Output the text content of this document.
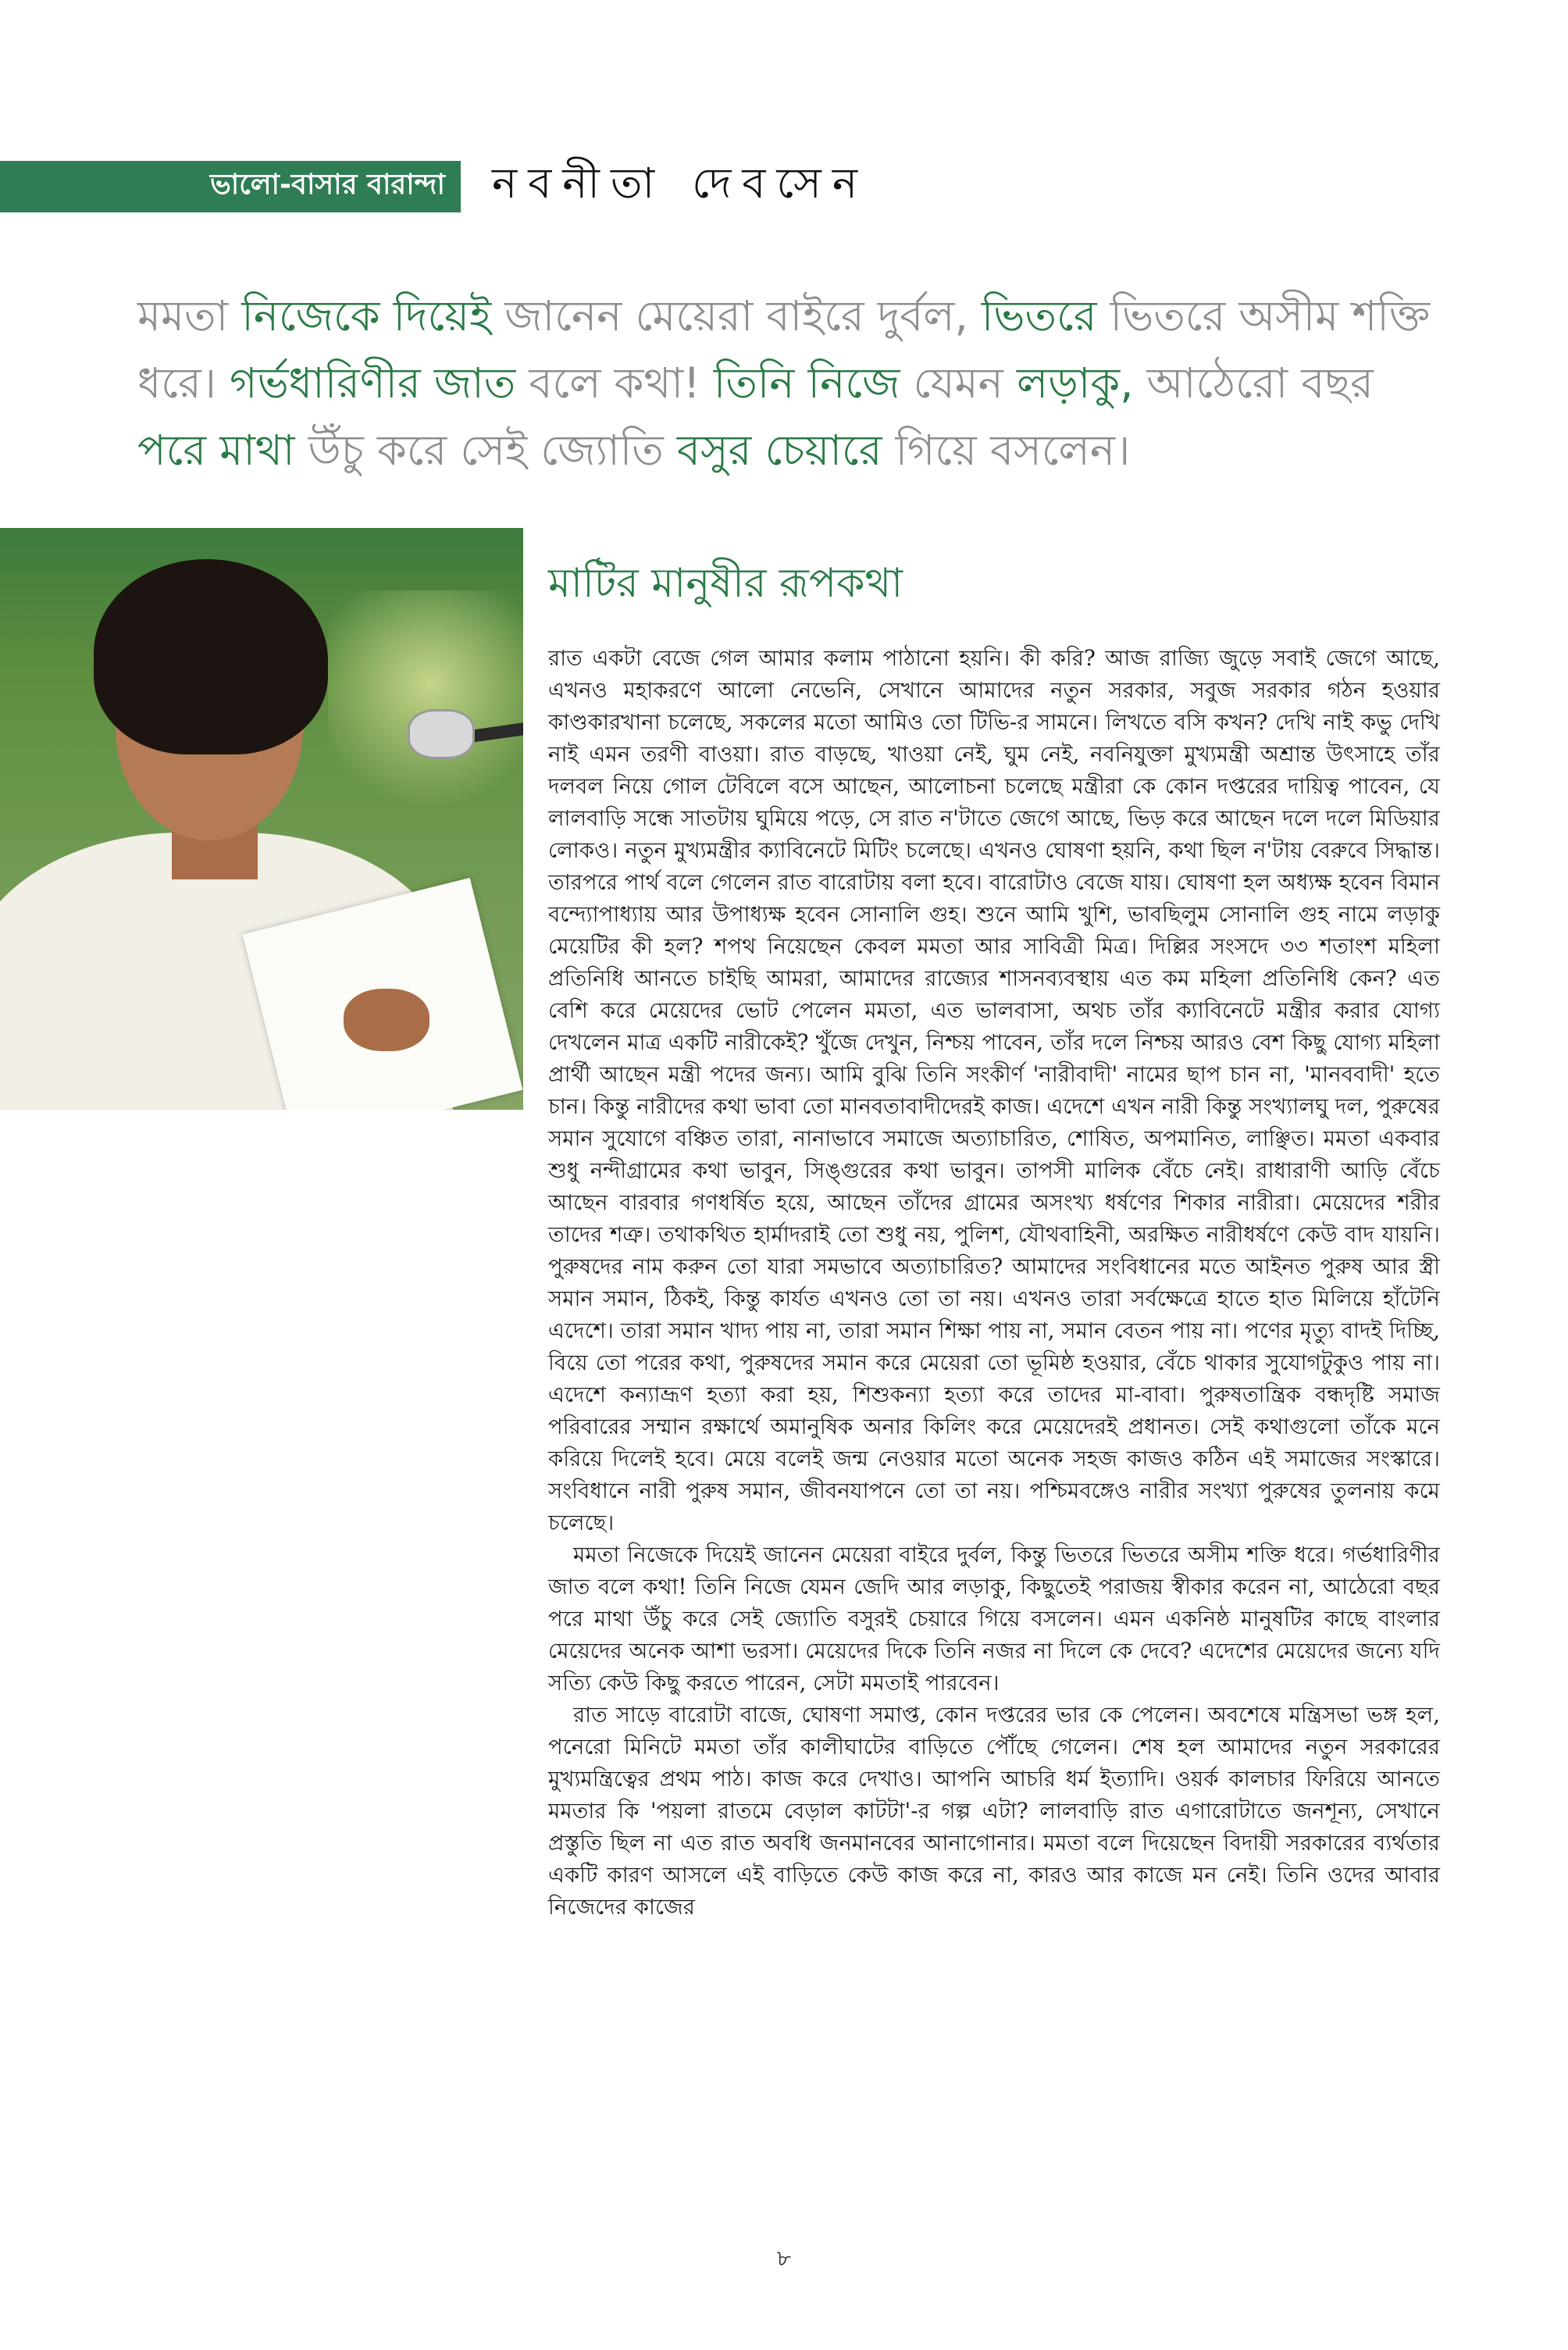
ভালো-বাসার বারান্দা নবনীতা দেবসেন
মমতা নিজেকে দিয়েই জানেন মেয়েরা বাইরে দুর্বল, ভিতরে ভিতরে অসীম শক্তি ধরে। গর্ভধারিণীর জাত বলে কথা! তিনি নিজে যেমন লড়াকু, আঠেরো বছর পরে মাথা উঁচু করে সেই জ্যোতি বসুর চেয়ারে গিয়ে বসলেন।
মাটির মানুষীর রূপকথা

রাত একটা বেজে গেল আমার কলাম পাঠানো হয়নি। কী করি? আজ রাজ্যি জুড়ে সবাই জেগে আছে, এখনও মহাকরণে আলো নেভেনি, সেখানে আমাদের নতুন সরকার, সবুজ সরকার গঠন হওয়ার কাণ্ডকারখানা চলেছে, সকলের মতো আমিও তো টিভি-র সামনে। লিখতে বসি কখন? দেখি নাই কভু দেখি নাই এমন তরণী বাওয়া। রাত বাড়ছে, খাওয়া নেই, ঘুম নেই, নবনিযুক্তা মুখ্যমন্ত্রী অশ্রান্ত উৎসাহে তাঁর দলবল নিয়ে গোল টেবিলে বসে আছেন, আলোচনা চলেছে মন্ত্রীরা কে কোন দপ্তরের দায়িত্ব পাবেন, যে লালবাড়ি সন্ধে সাতটায় ঘুমিয়ে পড়ে, সে রাত ন'টাতে জেগে আছে, ভিড় করে আছেন দলে দলে মিডিয়ার লোকও। নতুন মুখ্যমন্ত্রীর ক্যাবিনেটে মিটিং চলেছে। এখনও ঘোষণা হয়নি, কথা ছিল ন'টায় বেরুবে সিদ্ধান্ত। তারপরে পার্থ বলে গেলেন রাত বারোটায় বলা হবে। বারোটাও বেজে যায়। ঘোষণা হল অধ্যক্ষ হবেন বিমান বন্দ্যোপাধ্যায় আর উপাধ্যক্ষ হবেন সোনালি গুহ। শুনে আমি খুশি, ভাবছিলুম সোনালি গুহ নামে লড়াকু মেয়েটির কী হল? শপথ নিয়েছেন কেবল মমতা আর সাবিত্রী মিত্র। দিল্লির সংসদে ৩৩ শতাংশ মহিলা প্রতিনিধি আনতে চাইছি আমরা, আমাদের রাজ্যের শাসনব্যবস্থায় এত কম মহিলা প্রতিনিধি কেন? এত বেশি করে মেয়েদের ভোট পেলেন মমতা, এত ভালবাসা, অথচ তাঁর ক্যাবিনেটে মন্ত্রীর করার যোগ্য দেখলেন মাত্র একটি নারীকেই? খুঁজে দেখুন, নিশ্চয় পাবেন, তাঁর দলে নিশ্চয় আরও বেশ কিছু যোগ্য মহিলা প্রার্থী আছেন মন্ত্রী পদের জন্য। আমি বুঝি তিনি সংকীর্ণ 'নারীবাদী' নামের ছাপ চান না, 'মানববাদী' হতে চান। কিন্তু নারীদের কথা ভাবা তো মানবতাবাদীদেরই কাজ। এদেশে এখন নারী কিন্তু সংখ্যালঘু দল, পুরুষের সমান সুযোগে বঞ্চিত তারা, নানাভাবে সমাজে অত্যাচারিত, শোষিত, অপমানিত, লাঞ্ছিত। মমতা একবার শুধু নন্দীগ্রামের কথা ভাবুন, সিঙ্গুরের কথা ভাবুন। তাপসী মালিক বেঁচে নেই। রাধারাণী আড়ি বেঁচে আছেন বারবার গণধর্ষিত হয়ে, আছেন তাঁদের গ্রামের অসংখ্য ধর্ষণের শিকার নারীরা। মেয়েদের শরীর তাদের শত্রু। তথাকথিত হার্মাদরাই তো শুধু নয়, পুলিশ, যৌথবাহিনী, অরক্ষিত নারীধর্ষণে কেউ বাদ যায়নি। পুরুষদের নাম করুন তো যারা সমভাবে অত্যাচারিত? আমাদের সংবিধানের মতে আইনত পুরুষ আর স্ত্রী সমান সমান, ঠিকই, কিন্তু কার্যত এখনও তো তা নয়। এখনও তারা সর্বক্ষেত্রে হাতে হাত মিলিয়ে হাঁটেনি এদেশে। তারা সমান খাদ্য পায় না, তারা সমান শিক্ষা পায় না, সমান বেতন পায় না। পণের মৃত্যু বাদই দিচ্ছি, বিয়ে তো পরের কথা, পুরুষদের সমান করে মেয়েরা তো ভূমিষ্ঠ হওয়ার, বেঁচে থাকার সুযোগটুকুও পায় না। এদেশে কন্যাভ্রূণ হত্যা করা হয়, শিশুকন্যা হত্যা করে তাদের মা-বাবা। পুরুষতান্ত্রিক বন্ধদৃষ্টি সমাজ পরিবারের সম্মান রক্ষার্থে অমানুষিক অনার কিলিং করে মেয়েদেরই প্রধানত। সেই কথাগুলো তাঁকে মনে করিয়ে দিলেই হবে। মেয়ে বলেই জন্ম নেওয়ার মতো অনেক সহজ কাজও কঠিন এই সমাজের সংস্কারে। সংবিধানে নারী পুরুষ সমান, জীবনযাপনে তো তা নয়। পশ্চিমবঙ্গেও নারীর সংখ্যা পুরুষের তুলনায় কমে চলেছে।

মমতা নিজেকে দিয়েই জানেন মেয়েরা বাইরে দুর্বল, কিন্তু ভিতরে ভিতরে অসীম শক্তি ধরে। গর্ভধারিণীর জাত বলে কথা! তিনি নিজে যেমন জেদি আর লড়াকু, কিছুতেই পরাজয় স্বীকার করেন না, আঠেরো বছর পরে মাথা উঁচু করে সেই জ্যোতি বসুরই চেয়ারে গিয়ে বসলেন। এমন একনিষ্ঠ মানুষটির কাছে বাংলার মেয়েদের অনেক আশা ভরসা। মেয়েদের দিকে তিনি নজর না দিলে কে দেবে? এদেশের মেয়েদের জন্যে যদি সত্যি কেউ কিছু করতে পারেন, সেটা মমতাই পারবেন।

রাত সাড়ে বারোটা বাজে, ঘোষণা সমাপ্ত, কোন দপ্তরের ভার কে পেলেন। অবশেষে মন্ত্রিসভা ভঙ্গ হল, পনেরো মিনিটে মমতা তাঁর কালীঘাটের বাড়িতে পৌঁছে গেলেন। শেষ হল আমাদের নতুন সরকারের মুখ্যমন্ত্রিত্বের প্রথম পাঠ। কাজ করে দেখাও। আপনি আচরি ধর্ম ইত্যাদি। ওয়র্ক কালচার ফিরিয়ে আনতে মমতার কি 'পয়লা রাতমে বেড়াল কাটটা'-র গল্প এটা? লালবাড়ি রাত এগারোটাতে জনশূন্য, সেখানে প্রস্তুতি ছিল না এত রাত অবধি জনমানবের আনাগোনার। মমতা বলে দিয়েছেন বিদায়ী সরকারের ব্যর্থতার একটি কারণ আসলে এই বাড়িতে কেউ কাজ করে না, কারও আর কাজে মন নেই। তিনি ওদের আবার নিজেদের কাজের

৮
